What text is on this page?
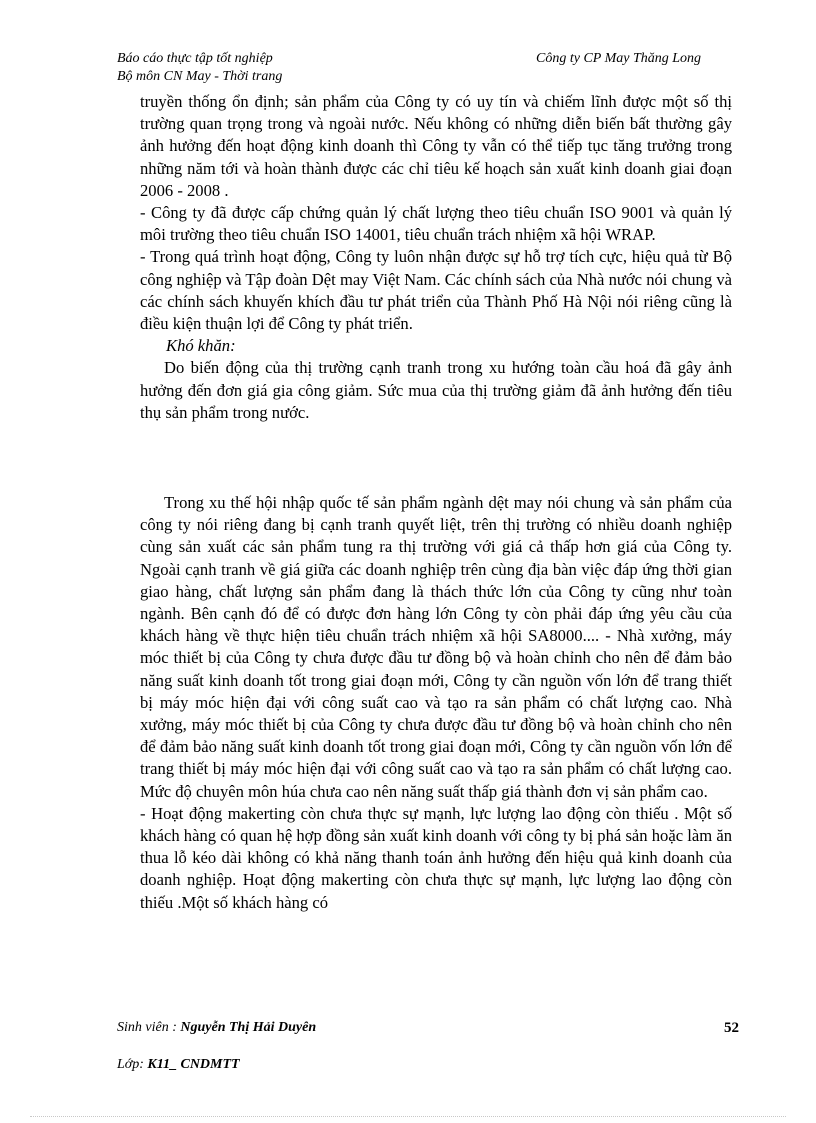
Báo cáo thực tập tốt nghiệp
Bộ môn CN May - Thời trang
Công ty CP May Thăng Long

truyền thống ổn định; sản phẩm của Công ty có uy tín và chiếm lĩnh được một số thị trường quan trọng trong và ngoài nước. Nếu không có những diễn biến bất thường gây ảnh hưởng đến hoạt động kinh doanh thì Công ty vẫn có thể tiếp tục tăng trưởng trong những năm tới và hoàn thành được các chỉ tiêu kế hoạch sản xuất kinh doanh giai đoạn 2006 - 2008 .

- Công ty đã được cấp chứng quản lý chất lượng theo tiêu chuẩn ISO 9001 và quản lý môi trường theo tiêu chuẩn ISO 14001, tiêu chuẩn trách nhiệm xã hội WRAP.

- Trong quá trình hoạt động, Công ty luôn nhận được sự hỗ trợ tích cực, hiệu quả từ Bộ công nghiệp và Tập đoàn Dệt may Việt Nam. Các chính sách của Nhà nước nói chung và các chính sách khuyến khích đầu tư phát triển của Thành Phố Hà Nội nói riêng cũng là điều kiện thuận lợi để Công ty phát triển.

Khó khăn:

Do biến động của thị trường cạnh tranh trong xu hướng toàn cầu hoá đã gây ảnh hưởng đến đơn giá gia công giảm. Sức mua của thị trường giảm đã ảnh hưởng đến tiêu thụ sản phẩm trong nước.

Trong xu thế hội nhập quốc tế sản phẩm ngành dệt may nói chung và sản phẩm của công ty nói riêng đang bị cạnh tranh quyết liệt, trên thị trường có nhiều doanh nghiệp cùng sản xuất các sản phẩm tung ra thị trường với giá cả thấp hơn giá của Công ty. Ngoài cạnh tranh về giá giữa các doanh nghiệp trên cùng địa bàn việc đáp ứng thời gian giao hàng, chất lượng sản phẩm đang là thách thức lớn của Công ty cũng như toàn ngành. Bên cạnh đó để có được đơn hàng lớn Công ty còn phải đáp ứng yêu cầu của khách hàng về thực hiện tiêu chuẩn trách nhiệm xã hội SA8000.... - Nhà xưởng, máy móc thiết bị của Công ty chưa được đầu tư đồng bộ và hoàn chỉnh cho nên để đảm bảo năng suất kinh doanh tốt trong giai đoạn mới, Công ty cần nguồn vốn lớn để trang thiết bị máy móc hiện đại với công suất cao và tạo ra sản phẩm có chất lượng cao. Nhà xưởng, máy móc thiết bị của Công ty chưa được đầu tư đồng bộ và hoàn chỉnh cho nên để đảm bảo năng suất kinh doanh tốt trong giai đoạn mới, Công ty cần nguồn vốn lớn để trang thiết bị máy móc hiện đại với công suất cao và tạo ra sản phẩm có chất lượng cao. Mức độ chuyên môn húa chưa cao nên năng suất thấp giá thành đơn vị sản phẩm cao.

- Hoạt động makerting còn chưa thực sự mạnh, lực lượng lao động còn thiếu . Một số khách hàng có quan hệ hợp đồng sản xuất kinh doanh với công ty bị phá sản hoặc làm ăn thua lỗ kéo dài không có khả năng thanh toán ảnh hưởng đến hiệu quả kinh doanh của doanh nghiệp. Hoạt động makerting còn chưa thực sự mạnh, lực lượng lao động còn thiếu .Một số khách hàng có

Sinh viên : Nguyễn Thị Hải Duyên	52
Lớp: K11_ CNDMTT
